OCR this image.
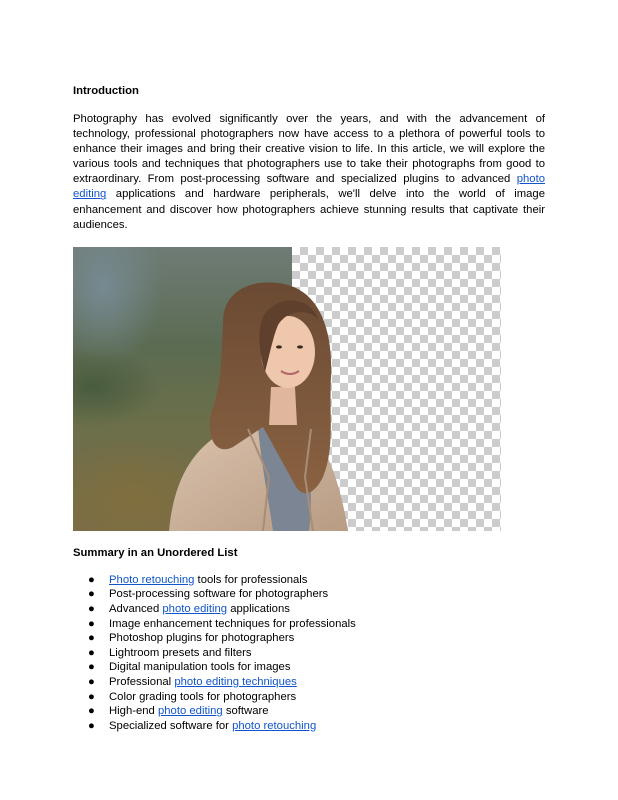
Introduction

Photography has evolved significantly over the years, and with the advancement of technology, professional photographers now have access to a plethora of powerful tools to enhance their images and bring their creative vision to life. In this article, we will explore the various tools and techniques that photographers use to take their photographs from good to extraordinary. From post-processing software and specialized plugins to advanced photo editing applications and hardware peripherals, we'll delve into the world of image enhancement and discover how photographers achieve stunning results that captivate their audiences.

Summary in an Unordered List

● Photo retouching tools for professionals
● Post-processing software for photographers
● Advanced photo editing applications
● Image enhancement techniques for professionals
● Photoshop plugins for photographers
● Lightroom presets and filters
● Digital manipulation tools for images
● Professional photo editing techniques
● Color grading tools for photographers
● High-end photo editing software
● Specialized software for photo retouching
